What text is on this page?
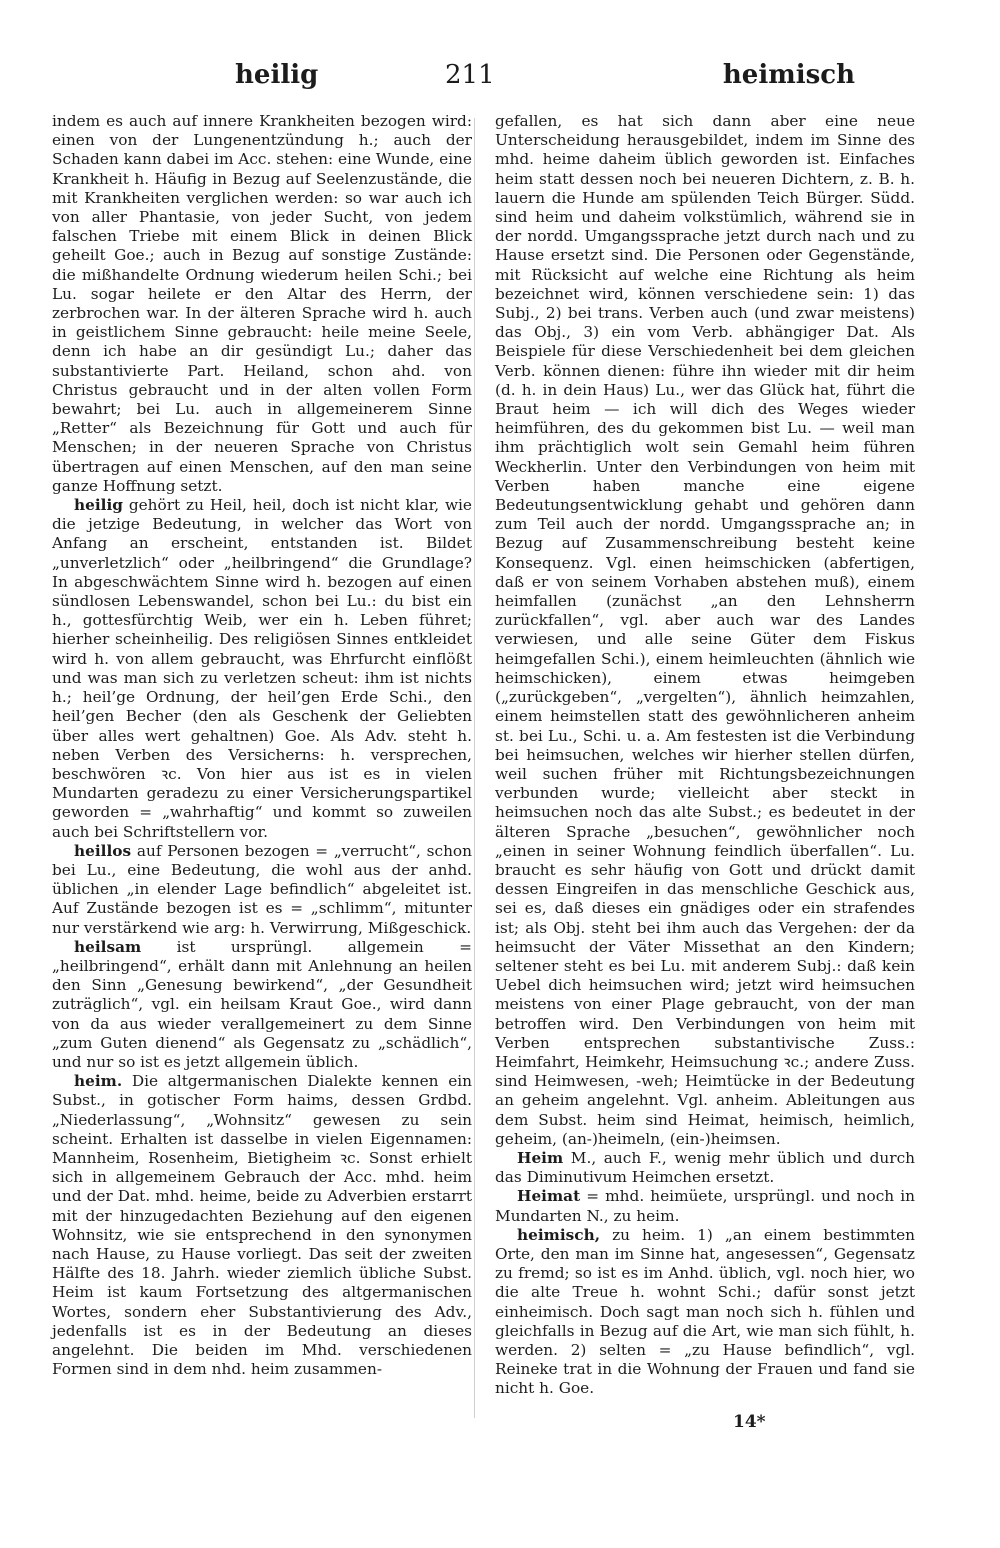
heilig	211	heimisch

indem es auch auf innere Krankheiten bezogen wird: einen von der Lungenentzündung h.; auch der Schaden kann dabei im Acc. stehen: eine Wunde, eine Krankheit h. Häufig in Bezug auf Seelenzustände, die mit Krankheiten verglichen werden: so war auch ich von aller Phantasie, von jeder Sucht, von jedem falschen Triebe mit einem Blick in deinen Blick geheilt Goe.; auch in Bezug auf sonstige Zustände: die mißhandelte Ordnung wiederum heilen Schi.; bei Lu. sogar heilete er den Altar des Herrn, der zerbrochen war. In der älteren Sprache wird h. auch in geistlichem Sinne gebraucht: heile meine Seele, denn ich habe an dir gesündigt Lu.; daher das substantivierte Part. Heiland, schon ahd. von Christus gebraucht und in der alten vollen Form bewahrt; bei Lu. auch in allgemeinerem Sinne „Retter“ als Bezeichnung für Gott und auch für Menschen; in der neueren Sprache von Christus übertragen auf einen Menschen, auf den man seine ganze Hoffnung setzt.

heilig gehört zu Heil, heil, doch ist nicht klar, wie die jetzige Bedeutung, in welcher das Wort von Anfang an erscheint, entstanden ist. Bildet „unverletzlich“ oder „heilbringend“ die Grundlage? In abgeschwächtem Sinne wird h. bezogen auf einen sündlosen Lebenswandel, schon bei Lu.: du bist ein h., gottesfürchtig Weib, wer ein h. Leben führet; hierher scheinheilig. Des religiösen Sinnes entkleidet wird h. von allem gebraucht, was Ehrfurcht einflößt und was man sich zu verletzen scheut: ihm ist nichts h.; heil’ge Ordnung, der heil’gen Erde Schi., den heil’gen Becher (den als Geschenk der Geliebten über alles wert gehaltnen) Goe. Als Adv. steht h. neben Verben des Versicherns: h. versprechen, beschwören ꝛc. Von hier aus ist es in vielen Mundarten geradezu zu einer Versicherungspartikel geworden = „wahrhaftig“ und kommt so zuweilen auch bei Schriftstellern vor.

heillos auf Personen bezogen = „verrucht“, schon bei Lu., eine Bedeutung, die wohl aus der anhd. üblichen „in elender Lage befindlich“ abgeleitet ist. Auf Zustände bezogen ist es = „schlimm“, mitunter nur verstärkend wie arg: h. Verwirrung, Mißgeschick.

heilsam ist ursprüngl. allgemein = „heilbringend“, erhält dann mit Anlehnung an heilen den Sinn „Genesung bewirkend“, „der Gesundheit zuträglich“, vgl. ein heilsam Kraut Goe., wird dann von da aus wieder verallgemeinert zu dem Sinne „zum Guten dienend“ als Gegensatz zu „schädlich“, und nur so ist es jetzt allgemein üblich.

heim. Die altgermanischen Dialekte kennen ein Subst., in gotischer Form haims, dessen Grdbd. „Niederlassung“, „Wohnsitz“ gewesen zu sein scheint. Erhalten ist dasselbe in vielen Eigennamen: Mannheim, Rosenheim, Bietigheim ꝛc. Sonst erhielt sich in allgemeinem Gebrauch der Acc. mhd. heim und der Dat. mhd. heime, beide zu Adverbien erstarrt mit der hinzugedachten Beziehung auf den eigenen Wohnsitz, wie sie entsprechend in den synonymen nach Hause, zu Hause vorliegt. Das seit der zweiten Hälfte des 18. Jahrh. wieder ziemlich übliche Subst. Heim ist kaum Fortsetzung des altgermanischen Wortes, sondern eher Substantivierung des Adv., jedenfalls ist es in der Bedeutung an dieses angelehnt. Die beiden im Mhd. verschiedenen Formen sind in dem nhd. heim zusammen-

gefallen, es hat sich dann aber eine neue Unterscheidung herausgebildet, indem im Sinne des mhd. heime daheim üblich geworden ist. Einfaches heim statt dessen noch bei neueren Dichtern, z. B. h. lauern die Hunde am spülenden Teich Bürger. Südd. sind heim und daheim volkstümlich, während sie in der nordd. Umgangssprache jetzt durch nach und zu Hause ersetzt sind. Die Personen oder Gegenstände, mit Rücksicht auf welche eine Richtung als heim bezeichnet wird, können verschiedene sein: 1) das Subj., 2) bei trans. Verben auch (und zwar meistens) das Obj., 3) ein vom Verb. abhängiger Dat. Als Beispiele für diese Verschiedenheit bei dem gleichen Verb. können dienen: führe ihn wieder mit dir heim (d. h. in dein Haus) Lu., wer das Glück hat, führt die Braut heim — ich will dich des Weges wieder heimführen, des du gekommen bist Lu. — weil man ihm prächtiglich wolt sein Gemahl heim führen Weckherlin. Unter den Verbindungen von heim mit Verben haben manche eine eigene Bedeutungsentwicklung gehabt und gehören dann zum Teil auch der nordd. Umgangssprache an; in Bezug auf Zusammenschreibung besteht keine Konsequenz. Vgl. einen heimschicken (abfertigen, daß er von seinem Vorhaben abstehen muß), einem heimfallen (zunächst „an den Lehnsherrn zurückfallen“, vgl. aber auch war des Landes verwiesen, und alle seine Güter dem Fiskus heimgefallen Schi.), einem heimleuchten (ähnlich wie heimschicken), einem etwas heimgeben („zurückgeben“, „vergelten“), ähnlich heimzahlen, einem heimstellen statt des gewöhnlicheren anheim st. bei Lu., Schi. u. a. Am festesten ist die Verbindung bei heimsuchen, welches wir hierher stellen dürfen, weil suchen früher mit Richtungsbezeichnungen verbunden wurde; vielleicht aber steckt in heimsuchen noch das alte Subst.; es bedeutet in der älteren Sprache „besuchen“, gewöhnlicher noch „einen in seiner Wohnung feindlich überfallen“. Lu. braucht es sehr häufig von Gott und drückt damit dessen Eingreifen in das menschliche Geschick aus, sei es, daß dieses ein gnädiges oder ein strafendes ist; als Obj. steht bei ihm auch das Vergehen: der da heimsucht der Väter Missethat an den Kindern; seltener steht es bei Lu. mit anderem Subj.: daß kein Uebel dich heimsuchen wird; jetzt wird heimsuchen meistens von einer Plage gebraucht, von der man betroffen wird. Den Verbindungen von heim mit Verben entsprechen substantivische Zuss.: Heimfahrt, Heimkehr, Heimsuchung ꝛc.; andere Zuss. sind Heimwesen, -weh; Heimtücke in der Bedeutung an geheim angelehnt. Vgl. anheim. Ableitungen aus dem Subst. heim sind Heimat, heimisch, heimlich, geheim, (an-)heimeln, (ein-)heimsen.

Heim M., auch F., wenig mehr üblich und durch das Diminutivum Heimchen ersetzt.

Heimat = mhd. heimüete, ursprüngl. und noch in Mundarten N., zu heim.

heimisch, zu heim. 1) „an einem bestimmten Orte, den man im Sinne hat, angesessen“, Gegensatz zu fremd; so ist es im Anhd. üblich, vgl. noch hier, wo die alte Treue h. wohnt Schi.; dafür sonst jetzt einheimisch. Doch sagt man noch sich h. fühlen und gleichfalls in Bezug auf die Art, wie man sich fühlt, h. werden. 2) selten = „zu Hause befindlich“, vgl. Reineke trat in die Wohnung der Frauen und fand sie nicht h. Goe.

14*
